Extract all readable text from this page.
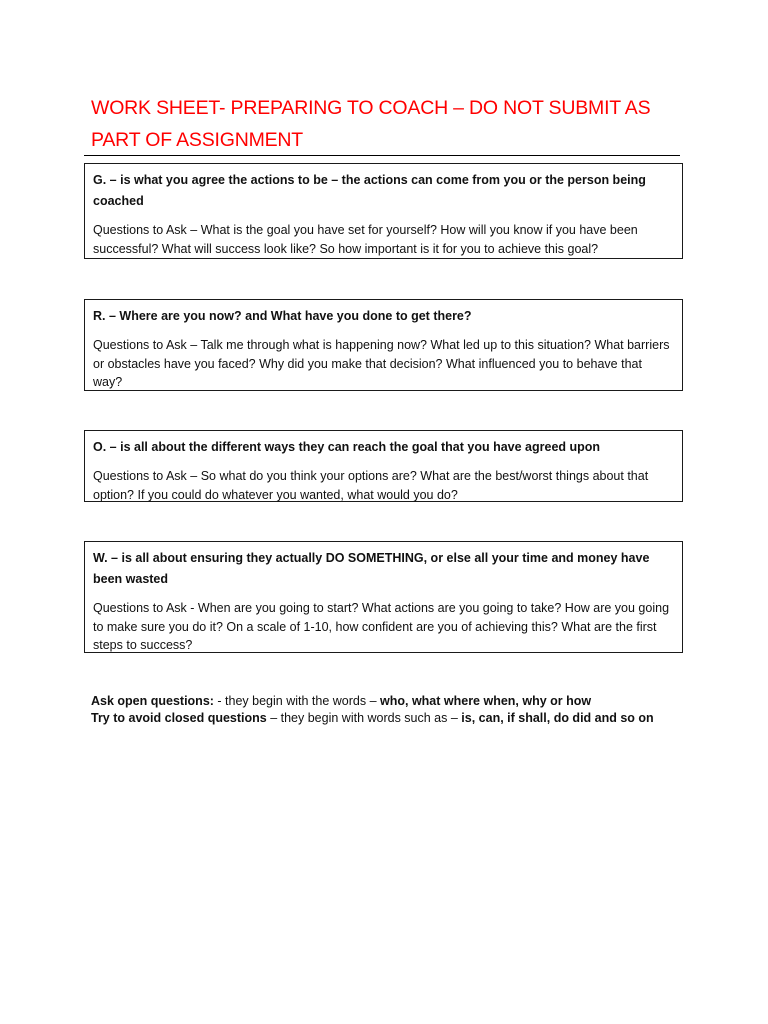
WORK SHEET- PREPARING TO COACH – DO NOT SUBMIT AS
PART OF ASSIGNMENT
G. – is what you agree the actions to be – the actions can come from you or the person being coached
Questions to Ask – What is the goal you have set for yourself? How will you know if you have been successful? What will success look like? So how important is it for you to achieve this goal?
R. – Where are you now? and What have you done to get there?
Questions to Ask – Talk me through what is happening now? What led up to this situation? What barriers or obstacles have you faced? Why did you make that decision? What influenced you to behave that way?
O. – is all about the different ways they can reach the goal that you have agreed upon
Questions to Ask – So what do you think your options are? What are the best/worst things about that option? If you could do whatever you wanted, what would you do?
W. – is all about ensuring they actually DO SOMETHING, or else all your time and money have been wasted
Questions to Ask - When are you going to start? What actions are you going to take? How are you going to make sure you do it? On a scale of 1-10, how confident are you of achieving this? What are the first steps to success?
Ask open questions: - they begin with the words – who, what where when, why or how
Try to avoid closed questions – they begin with words such as – is, can, if shall, do did and so on
